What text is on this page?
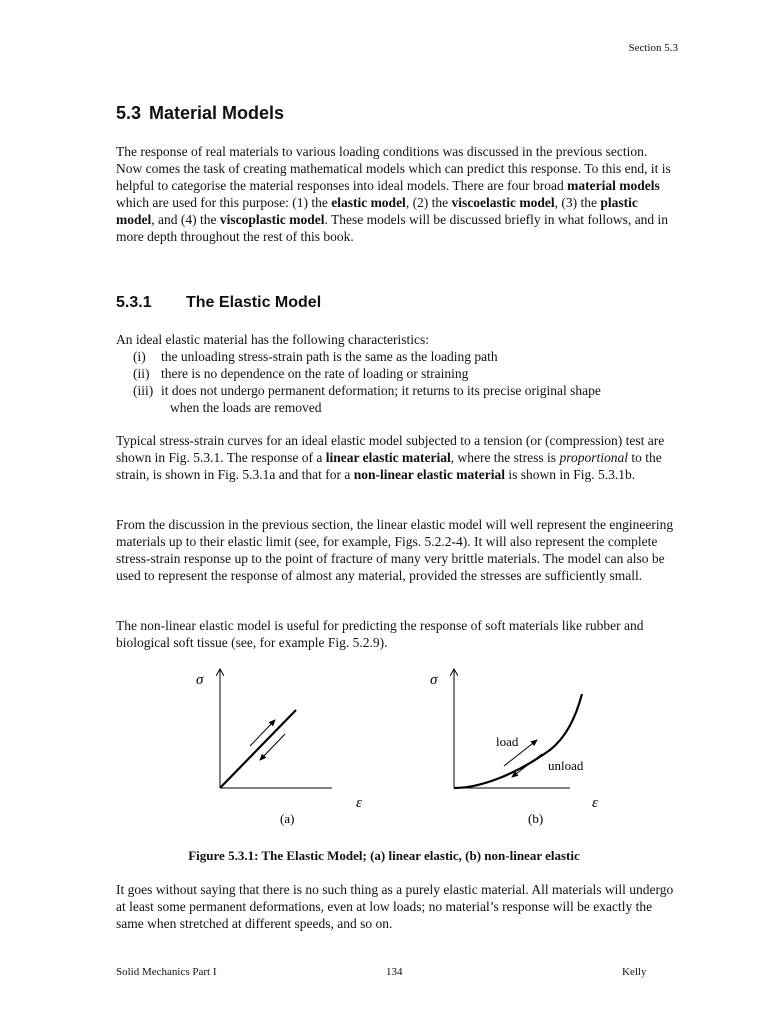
Section 5.3
5.3 Material Models

The response of real materials to various loading conditions was discussed in the previous section. Now comes the task of creating mathematical models which can predict this response. To this end, it is helpful to categorise the material responses into ideal models. There are four broad material models which are used for this purpose: (1) the elastic model, (2) the viscoelastic model, (3) the plastic model, and (4) the viscoplastic model. These models will be discussed briefly in what follows, and in more depth throughout the rest of this book.

5.3.1 The Elastic Model
An ideal elastic material has the following characteristics:
(i) the unloading stress-strain path is the same as the loading path
(ii) there is no dependence on the rate of loading or straining
(iii) it does not undergo permanent deformation; it returns to its precise original shape
when the loads are removed

Typical stress-strain curves for an ideal elastic model subjected to a tension (or (compression) test are shown in Fig. 5.3.1. The response of a linear elastic material, where the stress is proportional to the strain, is shown in Fig. 5.3.1a and that for a non-linear elastic material is shown in Fig. 5.3.1b.

From the discussion in the previous section, the linear elastic model will well represent the engineering materials up to their elastic limit (see, for example, Figs. 5.2.2-4). It will also represent the complete stress-strain response up to the point of fracture of many very brittle materials. The model can also be used to represent the response of almost any material, provided the stresses are sufficiently small.
The non-linear elastic model is useful for predicting the response of soft materials like rubber and biological soft tissue (see, for example Fig. 5.2.9).
σ
ε
(a)
load
unload
σ
ε
(b)
Figure 5.3.1: The Elastic Model; (a) linear elastic, (b) non-linear elastic
It goes without saying that there is no such thing as a purely elastic material. All materials will undergo at least some permanent deformations, even at low loads; no material’s response will be exactly the same when stretched at different speeds, and so on.
Solid Mechanics Part I	134	Kelly
